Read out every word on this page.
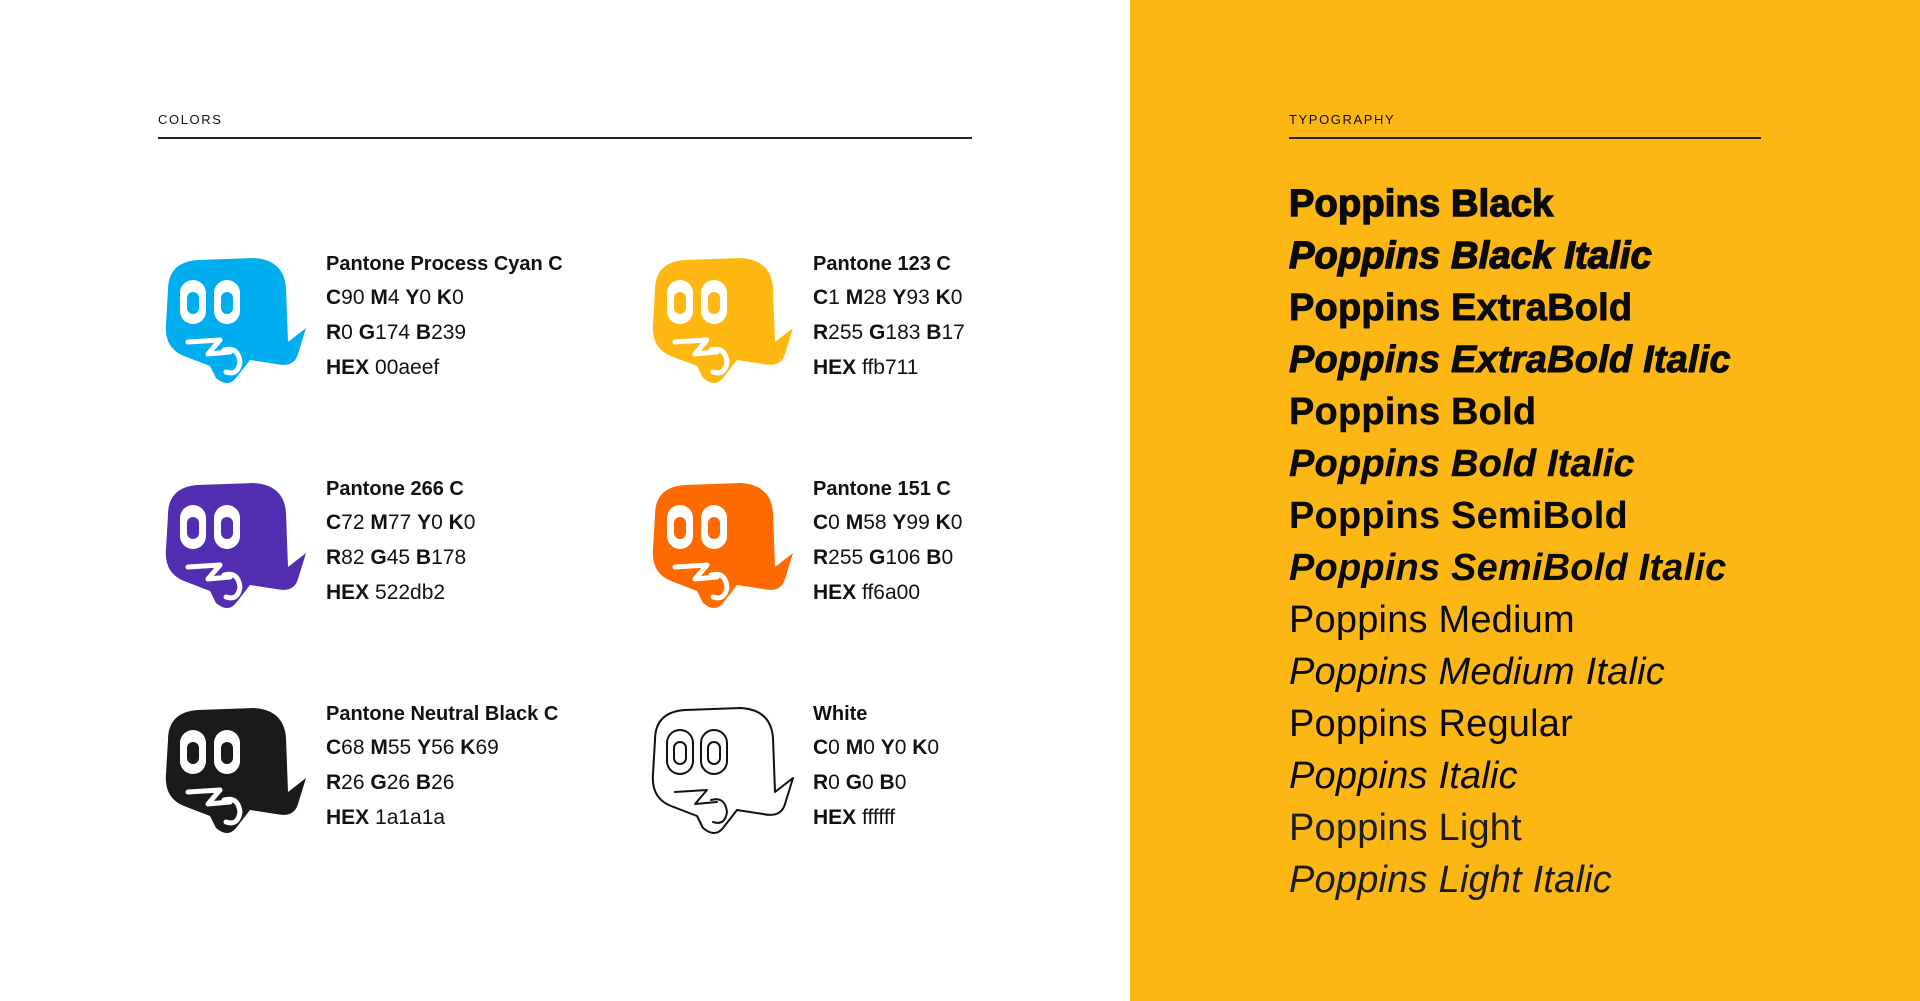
COLORS	TYPOGRAPHY
Pantone Process Cyan C
C90 M4 Y0 K0
R0 G174 B239
HEX 00aeef
Pantone 123 C
C1 M28 Y93 K0
R255 G183 B17
HEX ffb711
Pantone 266 C
C72 M77 Y0 K0
R82 G45 B178
HEX 522db2
Pantone 151 C
C0 M58 Y99 K0
R255 G106 B0
HEX ff6a00
Pantone Neutral Black C
C68 M55 Y56 K69
R26 G26 B26
HEX 1a1a1a
White
C0 M0 Y0 K0
R0 G0 B0
HEX ffffff
Poppins Black
Poppins Black Italic
Poppins ExtraBold
Poppins ExtraBold Italic
Poppins Bold
Poppins Bold Italic
Poppins SemiBold
Poppins SemiBold Italic
Poppins Medium
Poppins Medium Italic
Poppins Regular
Poppins Italic
Poppins Light
Poppins Light Italic
